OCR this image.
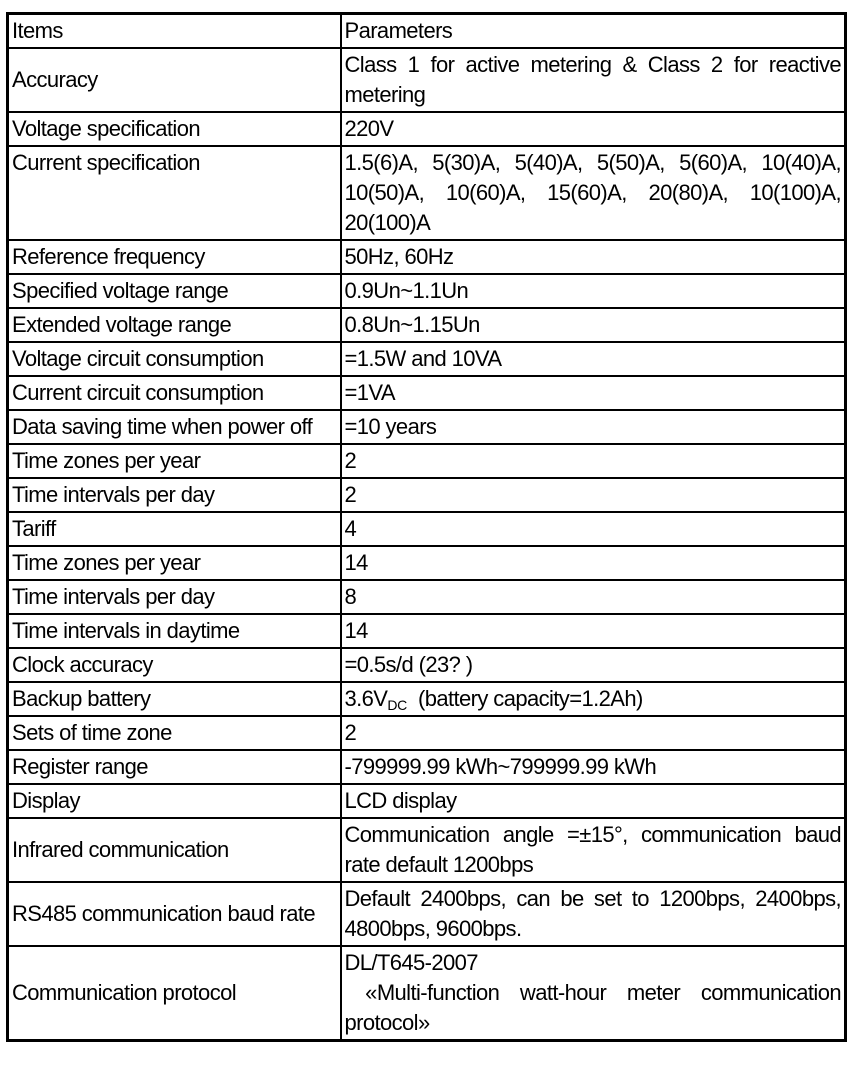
Items	Parameters
Accuracy	Class 1 for active metering & Class 2 for reactive metering
Voltage specification	220V
Current specification	1.5(6)A, 5(30)A, 5(40)A, 5(50)A, 5(60)A, 10(40)A, 10(50)A, 10(60)A, 15(60)A, 20(80)A, 10(100)A, 20(100)A
Reference frequency	50Hz, 60Hz
Specified voltage range	0.9Un~1.1Un
Extended voltage range	0.8Un~1.15Un
Voltage circuit consumption	=1.5W and 10VA
Current circuit consumption	=1VA
Data saving time when power off	=10 years
Time zones per year	2
Time intervals per day	2
Tariff	4
Time zones per year	14
Time intervals per day	8
Time intervals in daytime	14
Clock accuracy	=0.5s/d (23? )
Backup battery	$3.6V_{DC}$  (battery capacity=1.2Ah)
Sets of time zone	2
Register range	-799999.99 kWh~799999.99 kWh
Display	LCD display
Infrared communication	Communication angle =±15°, communication baud rate default 1200bps
RS485 communication baud rate	Default 2400bps, can be set to 1200bps, 2400bps, 4800bps, 9600bps.
Communication protocol	DL/T645-2007
«Multi-function watt-hour meter communication protocol»
